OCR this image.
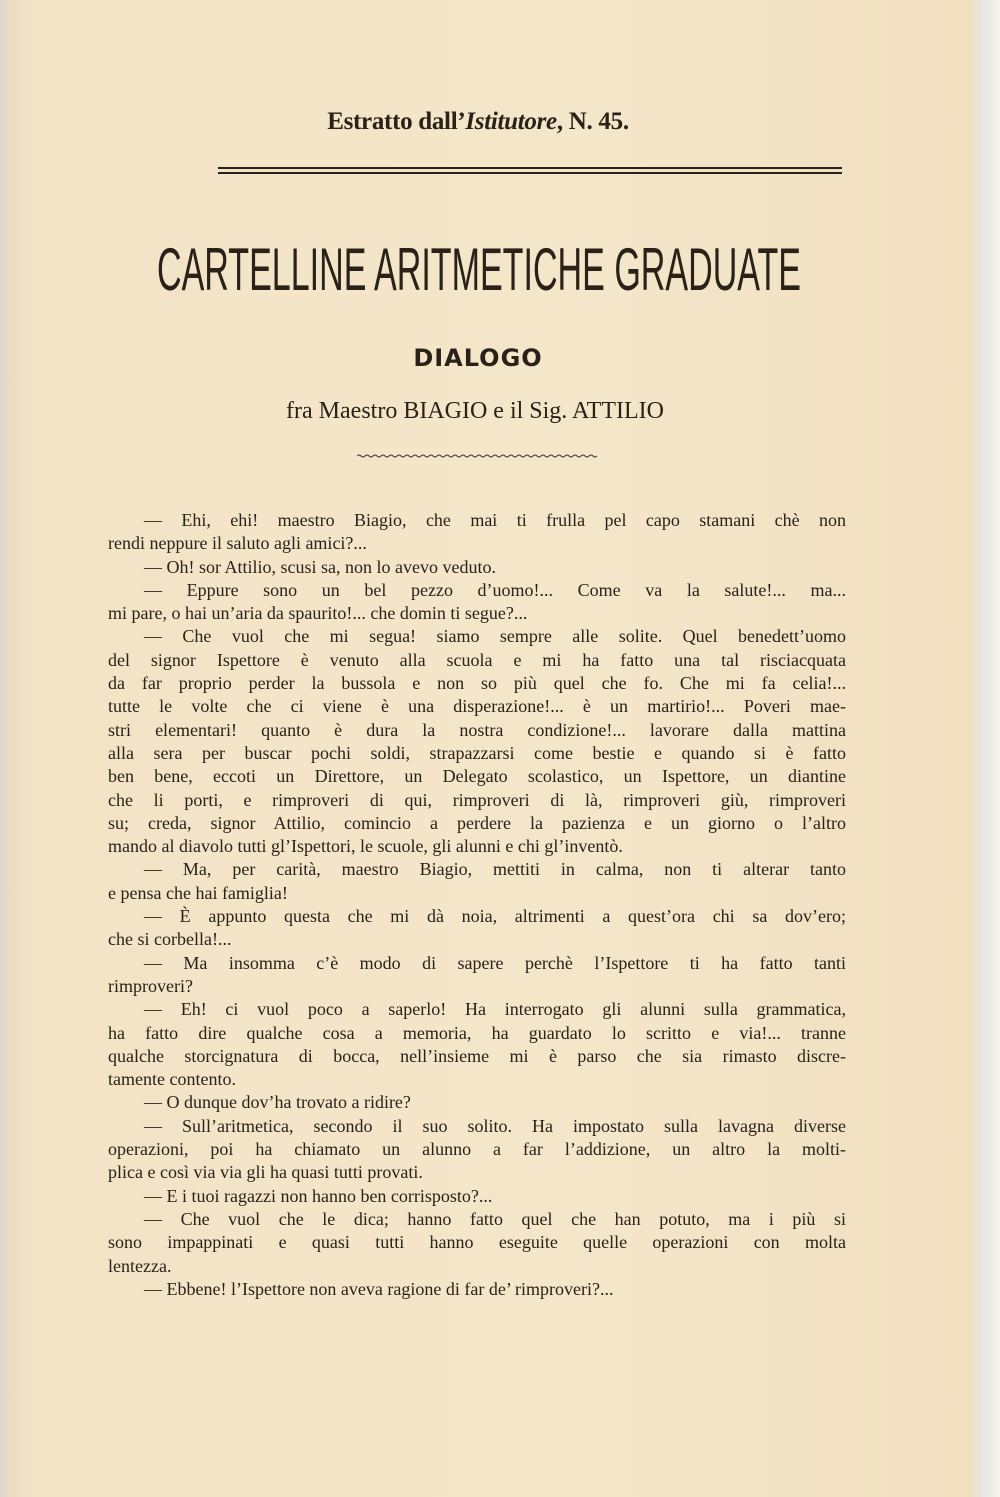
Estratto dall’Istitutore, N. 45.
CARTELLINE ARITMETICHE GRADUATE
DIALOGO
fra Maestro BIAGIO e il Sig. ATTILIO
— Ehi, ehi! maestro Biagio, che mai ti frulla pel capo stamani chè non
rendi neppure il saluto agli amici?...
— Oh! sor Attilio, scusi sa, non lo avevo veduto.
— Eppure sono un bel pezzo d’uomo!... Come va la salute!... ma...
mi pare, o hai un’aria da spaurito!... che domin ti segue?...
— Che vuol che mi segua! siamo sempre alle solite. Quel benedett’uomo
del signor Ispettore è venuto alla scuola e mi ha fatto una tal risciacquata
da far proprio perder la bussola e non so più quel che fo. Che mi fa celia!...
tutte le volte che ci viene è una disperazione!... è un martirio!... Poveri mae-
stri elementari! quanto è dura la nostra condizione!... lavorare dalla mattina
alla sera per buscar pochi soldi, strapazzarsi come bestie e quando si è fatto
ben bene, eccoti un Direttore, un Delegato scolastico, un Ispettore, un diantine
che li porti, e rimproveri di qui, rimproveri di là, rimproveri giù, rimproveri
su; creda, signor Attilio, comincio a perdere la pazienza e un giorno o l’altro
mando al diavolo tutti gl’Ispettori, le scuole, gli alunni e chi gl’inventò.
— Ma, per carità, maestro Biagio, mettiti in calma, non ti alterar tanto
e pensa che hai famiglia!
— È appunto questa che mi dà noia, altrimenti a quest’ora chi sa dov’ero;
che si corbella!...
— Ma insomma c’è modo di sapere perchè l’Ispettore ti ha fatto tanti
rimproveri?
— Eh! ci vuol poco a saperlo! Ha interrogato gli alunni sulla grammatica,
ha fatto dire qualche cosa a memoria, ha guardato lo scritto e via!... tranne
qualche storcignatura di bocca, nell’insieme mi è parso che sia rimasto discre-
tamente contento.
— O dunque dov’ha trovato a ridire?
— Sull’aritmetica, secondo il suo solito. Ha impostato sulla lavagna diverse
operazioni, poi ha chiamato un alunno a far l’addizione, un altro la molti-
plica e così via via gli ha quasi tutti provati.
— E i tuoi ragazzi non hanno ben corrisposto?...
— Che vuol che le dica; hanno fatto quel che han potuto, ma i più si
sono impappinati e quasi tutti hanno eseguite quelle operazioni con molta
lentezza.
— Ebbene! l’Ispettore non aveva ragione di far de’ rimproveri?...
